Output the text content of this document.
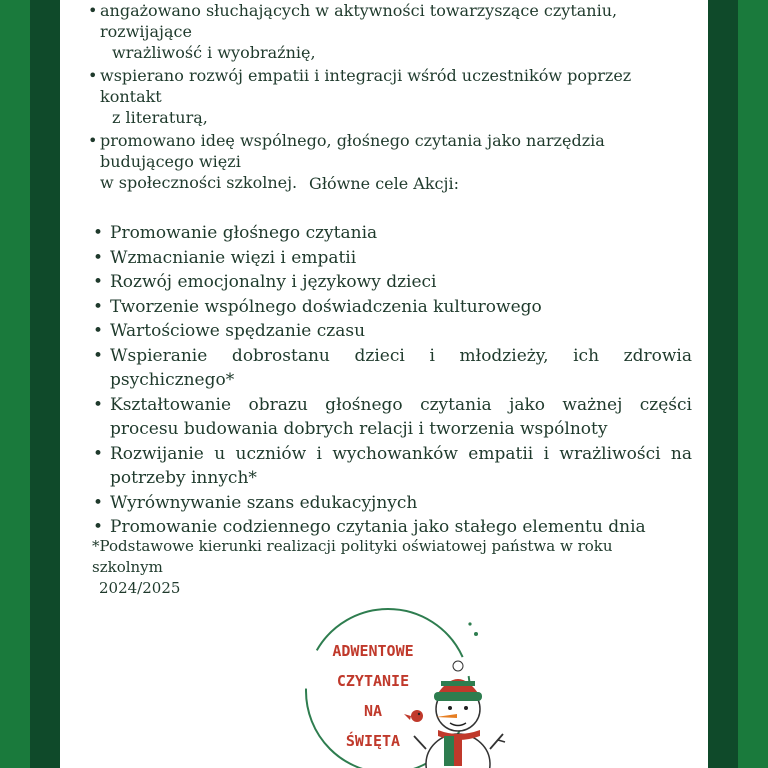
• angażowano słuchających w aktywności towarzyszące czytaniu, rozwijające
wrażliwość i wyobraźnię,
• wspierano rozwój empatii i integracji wśród uczestników poprzez kontakt
z literaturą,
• promowano ideę wspólnego, głośnego czytania jako narzędzia budującego więzi
w społeczności szkolnej. Główne cele Akcji:
• Promowanie głośnego czytania
• Wzmacnianie więzi i empatii
• Rozwój emocjonalny i językowy dzieci
• Tworzenie wspólnego doświadczenia kulturowego
• Wartościowe spędzanie czasu
• Wspieranie dobrostanu dzieci i młodzieży, ich zdrowia psychicznego*
• Kształtowanie obrazu głośnego czytania jako ważnej części procesu budowania dobrych relacji i tworzenia wspólnoty
• Rozwijanie u uczniów i wychowanków empatii i wrażliwości na potrzeby innych*
• Wyrównywanie szans edukacyjnych
• Promowanie codziennego czytania jako stałego elementu dnia
*Podstawowe kierunki realizacji polityki oświatowej państwa w roku szkolnym
2024/2025
ADWENTOWE
CZYTANIE
NA
ŚWIĘTA
